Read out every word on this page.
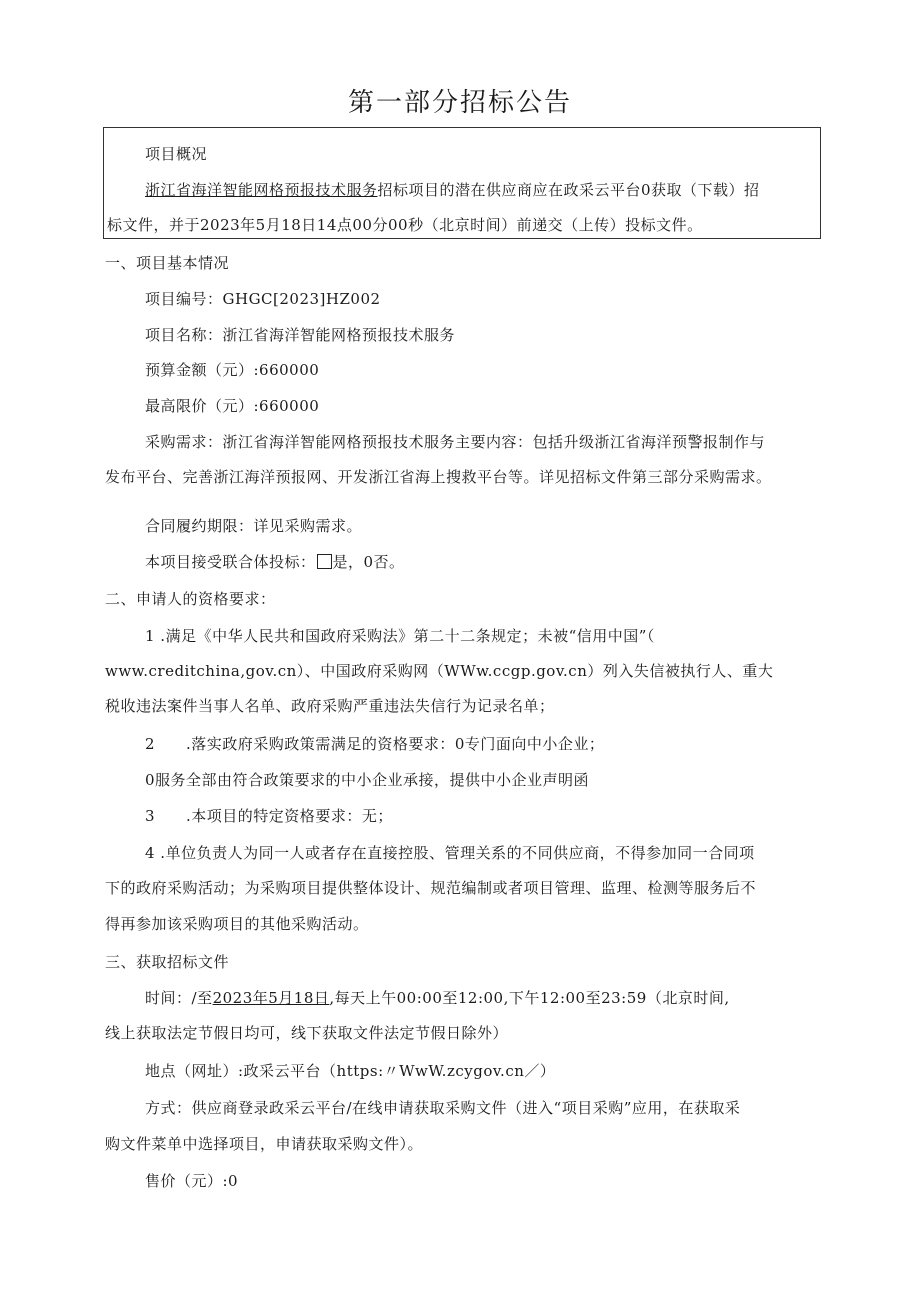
第一部分招标公告
项目概况
浙江省海洋智能网格预报技术服务招标项目的潜在供应商应在政采云平台0获取（下载）招
标文件，并于2023年5月18日14点00分00秒（北京时间）前递交（上传）投标文件。
一、项目基本情况
项目编号：GHGC[2023]HZ002
项目名称：浙江省海洋智能网格预报技术服务
预算金额（元）:660000
最高限价（元）:660000
采购需求：浙江省海洋智能网格预报技术服务主要内容：包括升级浙江省海洋预警报制作与
发布平台、完善浙江海洋预报网、开发浙江省海上搜救平台等。详见招标文件第三部分采购需求。
合同履约期限：详见采购需求。
本项目接受联合体投标： 是，0否。
二、申请人的资格要求：
1 .满足《中华人民共和国政府采购法》第二十二条规定；未被“信用中国”（
www.creditchina,gov.cn）、中国政府采购网（WWw.ccgp.gov.cn）列入失信被执行人、重大
税收违法案件当事人名单、政府采购严重违法失信行为记录名单；
2　　.落实政府采购政策需满足的资格要求：0专门面向中小企业；
0服务全部由符合政策要求的中小企业承接，提供中小企业声明函
3　　.本项目的特定资格要求：无；
4 .单位负责人为同一人或者存在直接控股、管理关系的不同供应商，不得参加同一合同项
下的政府采购活动；为采购项目提供整体设计、规范编制或者项目管理、监理、检测等服务后不
得再参加该采购项目的其他采购活动。
三、获取招标文件
时间：/至2023年5月18日,每天上午00:00至12:00,下午12:00至23:59（北京时间,
线上获取法定节假日均可，线下获取文件法定节假日除外）
地点（网址）:政采云平台（https:〃WwW.zcygov.cn／）
方式：供应商登录政采云平台/在线申请获取采购文件（进入“项目采购”应用，在获取采
购文件菜单中选择项目，申请获取采购文件）。
售价（元）:0
